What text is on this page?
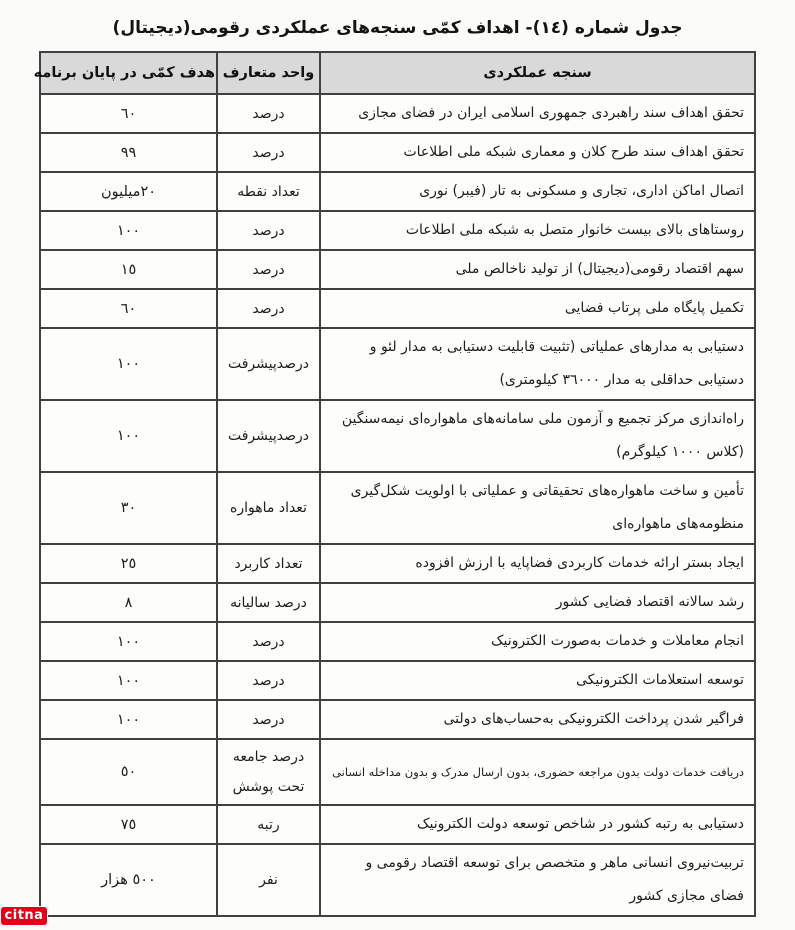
جدول شماره (١٤)- اهداف کمّی سنجه‌های عملکردی رقومی(دیجیتال)
سنجه عملکردی	واحد متعارف	هدف کمّی در پایان برنامه
تحقق اهداف سند راهبردی جمهوری اسلامی ایران در فضای مجازی	درصد	٦٠
تحقق اهداف سند طرح کلان و معماری شبکه ملی اطلاعات	درصد	٩٩
اتصال اماکن اداری، تجاری و مسکونی به تار (فیبر) نوری	تعداد نقطه	٢٠میلیون
روستاهای بالای بیست خانوار متصل به شبکه ملی اطلاعات	درصد	١٠٠
سهم اقتصاد رقومی(دیجیتال) از تولید ناخالص ملی	درصد	١٥
تکمیل پایگاه ملی پرتاب فضایی	درصد	٦٠
دستیابی به مدارهای عملیاتی (تثبیت قابلیت دستیابی به مدار لئو و دستیابی حداقلی به مدار ٣٦٠٠٠ کیلومتری)	درصدپیشرفت	١٠٠
راه‌اندازی مرکز تجمیع و آزمون ملی سامانه‌های ماهواره‌ای نیمه‌سنگین (کلاس ١٠٠٠ کیلوگرم)	درصدپیشرفت	١٠٠
تأمین و ساخت ماهواره‌های تحقیقاتی و عملیاتی با اولویت شکل‌گیری منظومه‌های ماهواره‌ای	تعداد ماهواره	٣٠
ایجاد بستر ارائه خدمات کاربردی فضاپایه با ارزش افزوده	تعداد کاربرد	٢٥
رشد سالانه اقتصاد فضایی کشور	درصد سالیانه	٨
انجام معاملات و خدمات به‌صورت الکترونیک	درصد	١٠٠
توسعه استعلامات الکترونیکی	درصد	١٠٠
فراگیر شدن پرداخت الکترونیکی به‌حساب‌های دولتی	درصد	١٠٠
دریافت خدمات دولت بدون مراجعه حضوری، بدون ارسال مدرک و بدون مداخله انسانی	درصد جامعه تحت پوشش	٥٠
دستیابی به رتبه کشور در شاخص توسعه دولت الکترونیک	رتبه	٧٥
تربیت‌نیروی انسانی ماهر و متخصص برای توسعه اقتصاد رقومی و فضای مجازی کشور	نفر	٥٠٠ هزار
citna
